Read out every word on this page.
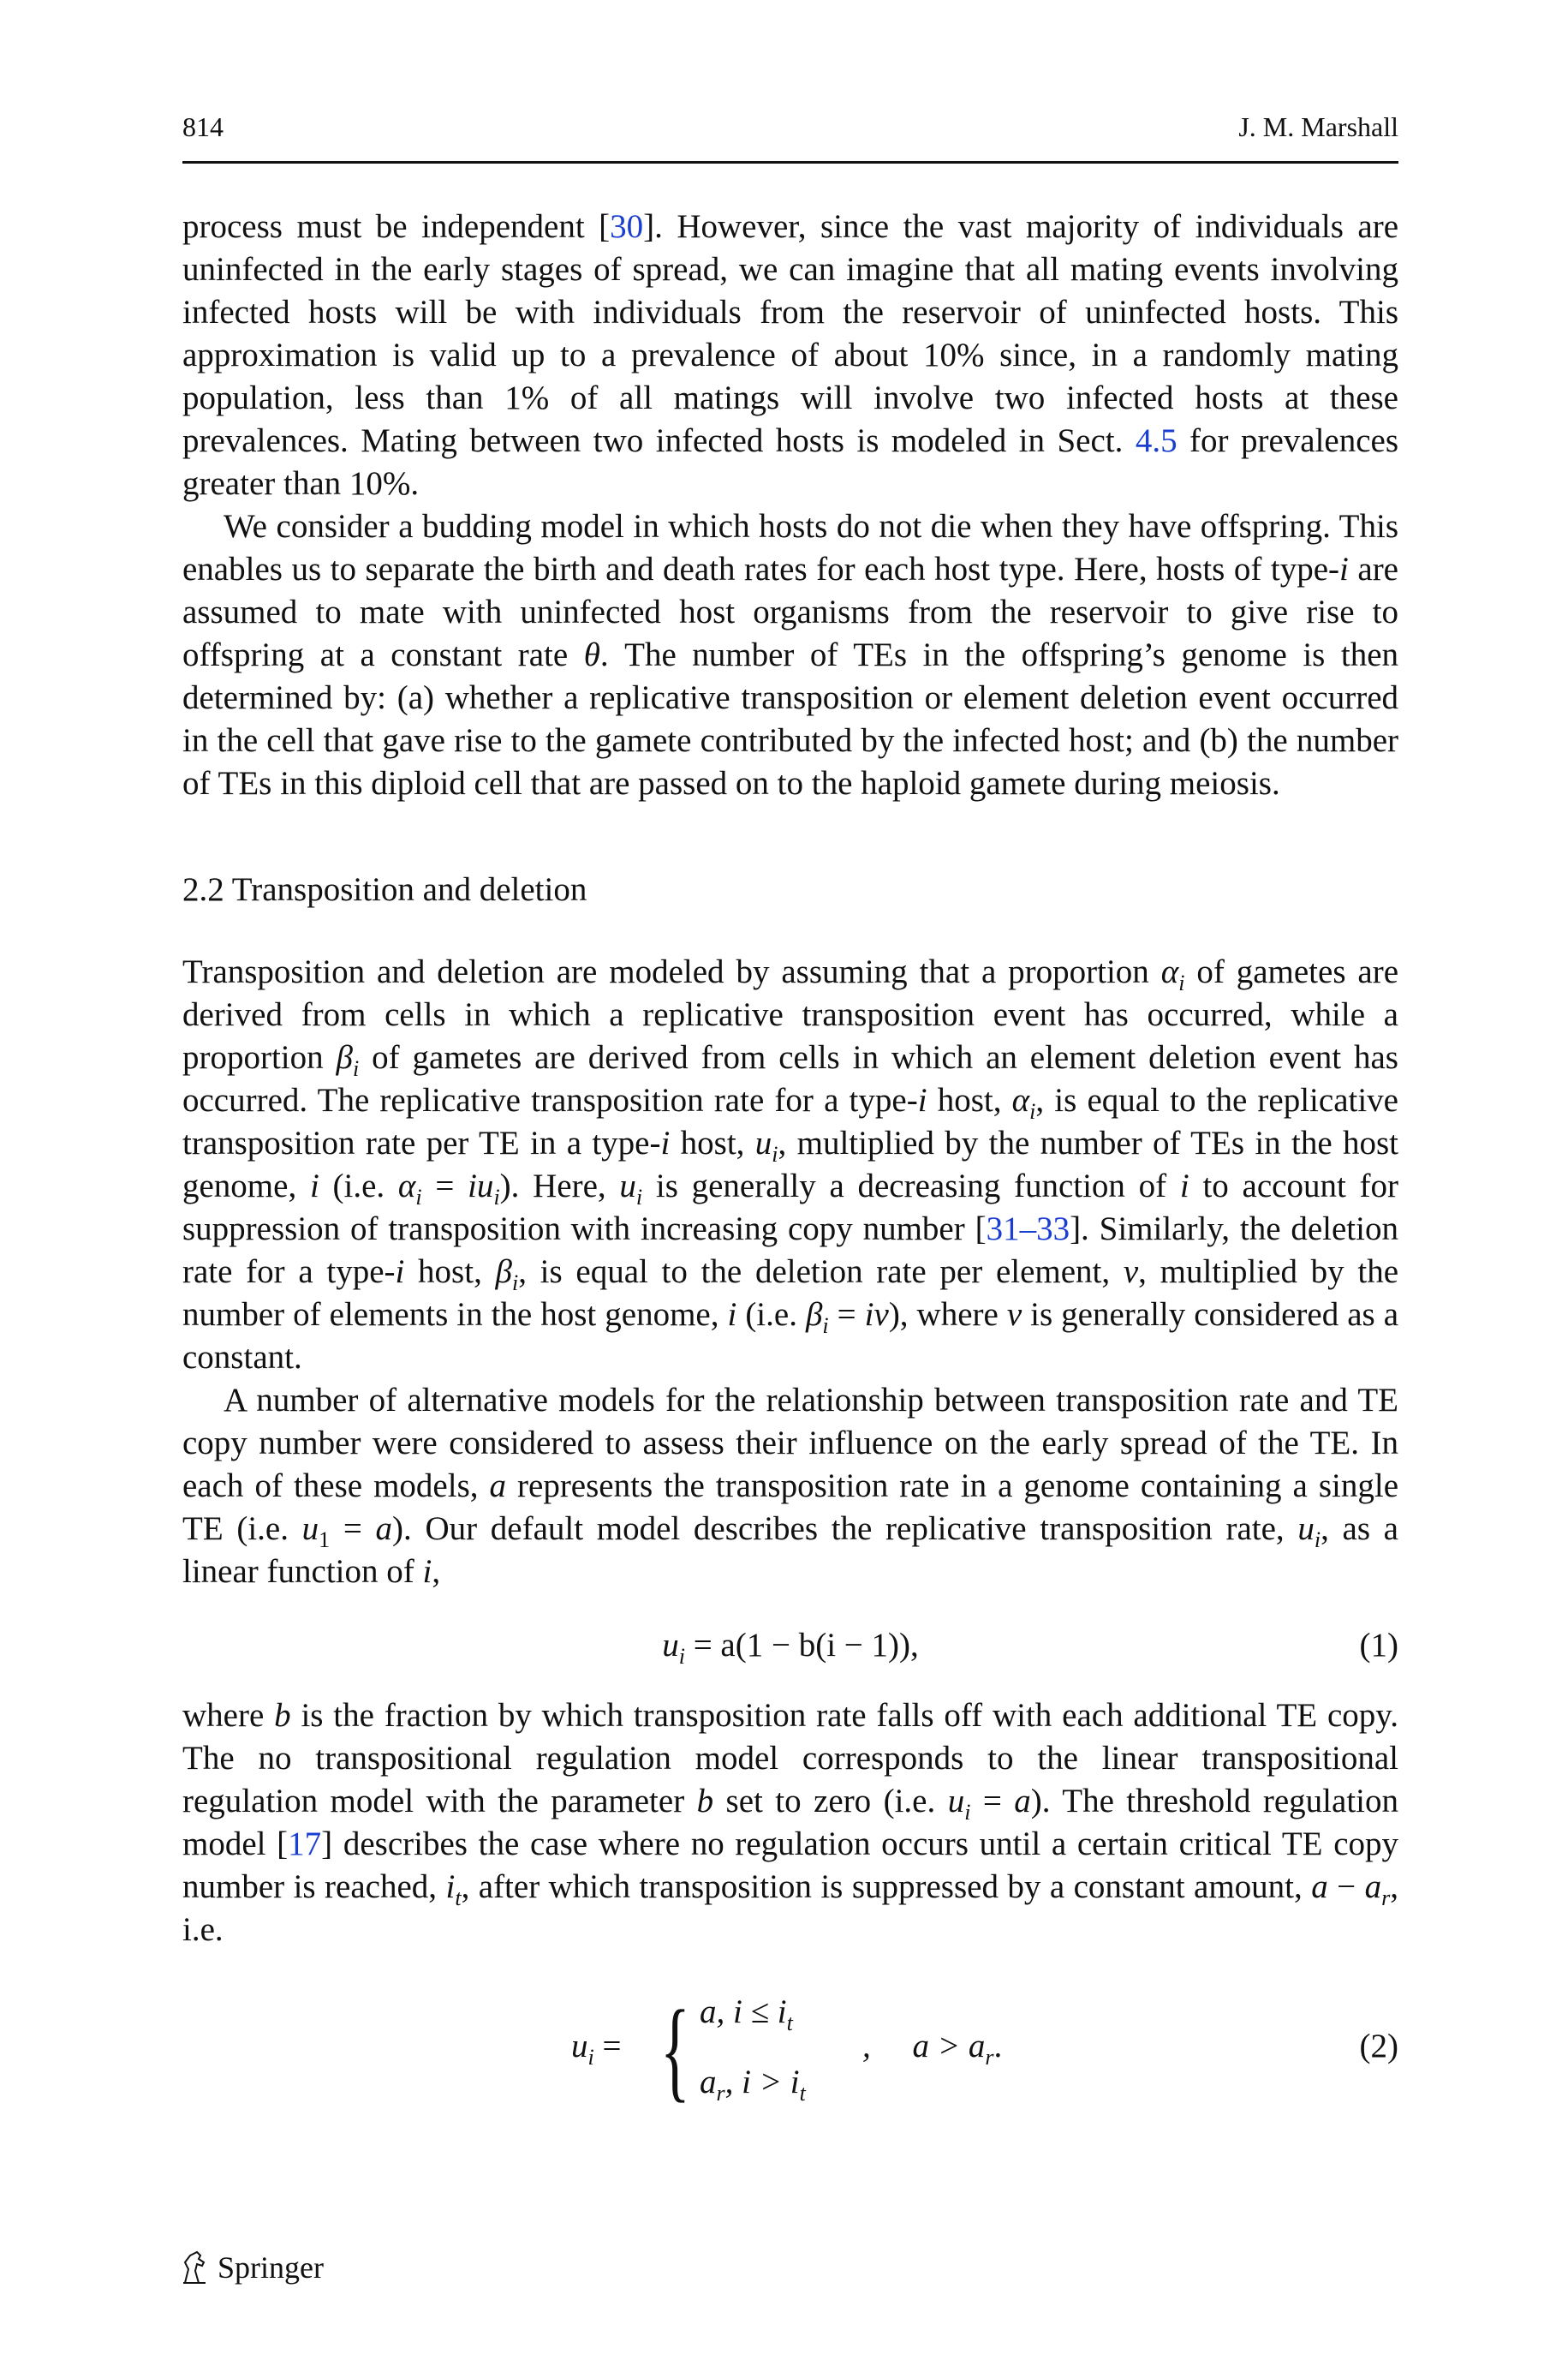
814	J. M. Marshall

process must be independent [30]. However, since the vast majority of individuals are uninfected in the early stages of spread, we can imagine that all mating events involving infected hosts will be with individuals from the reservoir of uninfected hosts. This approximation is valid up to a prevalence of about 10% since, in a randomly mating population, less than 1% of all matings will involve two infected hosts at these prevalences. Mating between two infected hosts is modeled in Sect. 4.5 for prevalences greater than 10%.

We consider a budding model in which hosts do not die when they have offspring. This enables us to separate the birth and death rates for each host type. Here, hosts of type-i are assumed to mate with uninfected host organisms from the reservoir to give rise to offspring at a constant rate θ. The number of TEs in the offspring’s genome is then determined by: (a) whether a replicative transposition or element deletion event occurred in the cell that gave rise to the gamete contributed by the infected host; and (b) the number of TEs in this diploid cell that are passed on to the haploid gamete during meiosis.

2.2 Transposition and deletion

Transposition and deletion are modeled by assuming that a proportion $\alpha_i$ of gametes are derived from cells in which a replicative transposition event has occurred, while a proportion $\beta_i$ of gametes are derived from cells in which an element deletion event has occurred. The replicative transposition rate for a type-i host, $\alpha_i$, is equal to the replicative transposition rate per TE in a type-i host, $u_i$, multiplied by the number of TEs in the host genome, i (i.e. $\alpha_i = iu_i$). Here, $u_i$ is generally a decreasing function of i to account for suppression of transposition with increasing copy number [31–33]. Similarly, the deletion rate for a type-i host, $\beta_i$, is equal to the deletion rate per element, v, multiplied by the number of elements in the host genome, i (i.e. $\beta_i = iv$), where v is generally considered as a constant.

A number of alternative models for the relationship between transposition rate and TE copy number were considered to assess their influence on the early spread of the TE. In each of these models, a represents the transposition rate in a genome containing a single TE (i.e. $u_1 = a$). Our default model describes the replicative transposition rate, $u_i$, as a linear function of i,

$u_i = a(1 - b(i - 1))$,	(1)

where b is the fraction by which transposition rate falls off with each additional TE copy. The no transpositional regulation model corresponds to the linear transpositional regulation model with the parameter b set to zero (i.e. $u_i = a$). The threshold regulation model [17] describes the case where no regulation occurs until a certain critical TE copy number is reached, $i_t$, after which transposition is suppressed by a constant amount, $a - a_r$, i.e.

$u_i$ = { a, $i \le i_t$
$a_r$, $i > i_t$
,     $a > a_r$.	(2)
Springer
